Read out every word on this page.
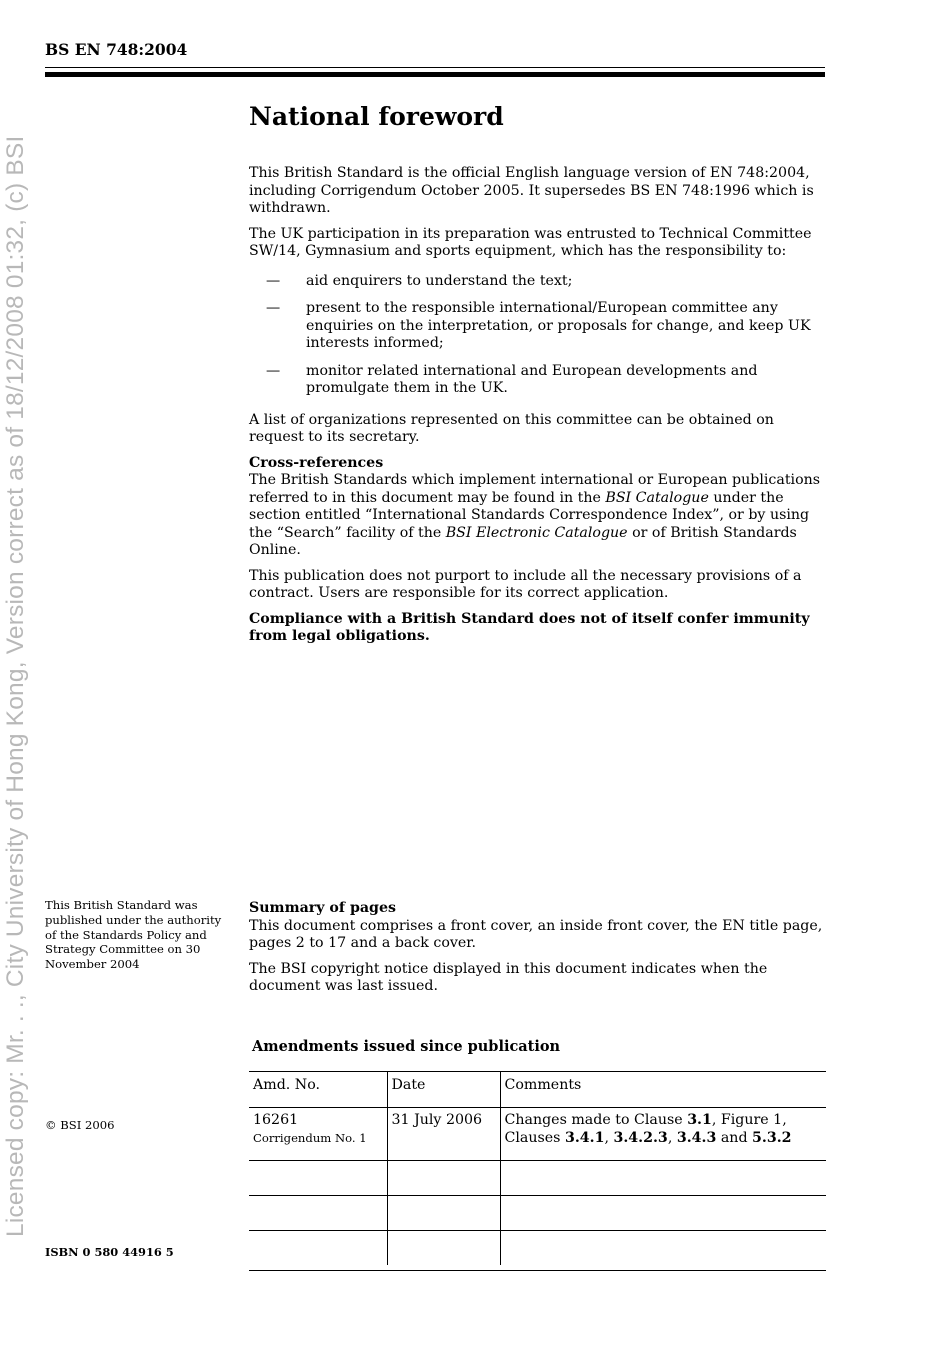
Licensed copy: Mr. . ., City University of Hong Kong, Version correct as of 18/12/2008 01:32, (c) BSI
BS EN 748:2004
National foreword

This British Standard is the official English language version of EN 748:2004, including Corrigendum October 2005. It supersedes BS EN 748:1996 which is withdrawn.

The UK participation in its preparation was entrusted to Technical Committee SW/14, Gymnasium and sports equipment, which has the responsibility to:

— aid enquirers to understand the text;
— present to the responsible international/European committee any enquiries on the interpretation, or proposals for change, and keep UK interests informed;
— monitor related international and European developments and promulgate them in the UK.

A list of organizations represented on this committee can be obtained on request to its secretary.

Cross-references

The British Standards which implement international or European publications referred to in this document may be found in the BSI Catalogue under the section entitled “International Standards Correspondence Index”, or by using the “Search” facility of the BSI Electronic Catalogue or of British Standards Online.

This publication does not purport to include all the necessary provisions of a contract. Users are responsible for its correct application.

Compliance with a British Standard does not of itself confer immunity from legal obligations.

This British Standard was published under the authority of the Standards Policy and Strategy Committee on 30 November 2004

Summary of pages

This document comprises a front cover, an inside front cover, the EN title page, pages 2 to 17 and a back cover.

The BSI copyright notice displayed in this document indicates when the document was last issued.

Amendments issued since publication
Amd. No.	Date	Comments
16261
Corrigendum No. 1	31 July 2006	Changes made to Clause 3.1, Figure 1, Clauses 3.4.1, 3.4.2.3, 3.4.3 and 5.3.2

© BSI 2006
ISBN 0 580 44916 5
